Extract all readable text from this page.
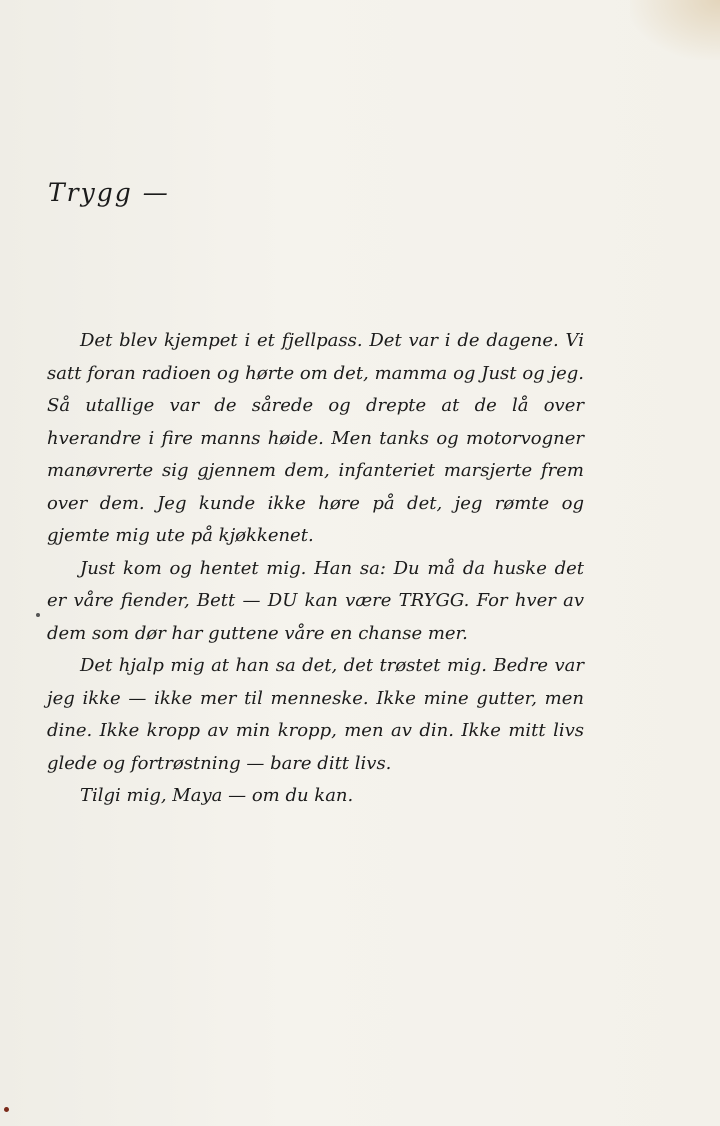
Trygg —

Det blev kjempet i et fjellpass. Det var i de dagene. Vi satt foran radioen og hørte om det, mamma og Just og jeg. Så utallige var de sårede og drepte at de lå over hverandre i fire manns høide. Men tanks og motorvogner manøvrerte sig gjennem dem, infanteriet marsjerte frem over dem. Jeg kunde ikke høre på det, jeg rømte og gjemte mig ute på kjøkkenet.

Just kom og hentet mig. Han sa: Du må da huske det er våre fiender, Bett — DU kan være TRYGG. For hver av dem som dør har guttene våre en chanse mer.

Det hjalp mig at han sa det, det trøstet mig. Bedre var jeg ikke — ikke mer til menneske. Ikke mine gutter, men dine. Ikke kropp av min kropp, men av din. Ikke mitt livs glede og fortrøstning — bare ditt livs.

Tilgi mig, Maya — om du kan.
